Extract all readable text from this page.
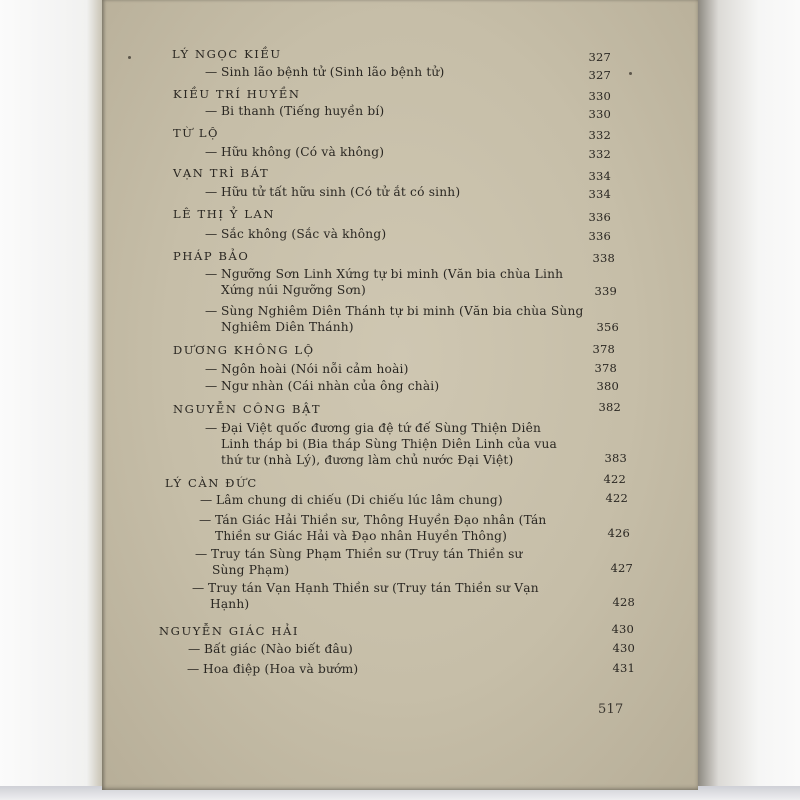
LÝ NGỌC KIỀU	327
— Sinh lão bệnh tử (Sinh lão bệnh tử)	327
KIỀU TRÍ HUYỀN	330
— Bi thanh (Tiếng huyền bí)	330
TỪ LỘ	332
— Hữu không (Có và không)	332
VẠN TRÌ BÁT	334
— Hữu tử tất hữu sinh (Có tử ắt có sinh)	334
LÊ THỊ Ỷ LAN	336
— Sắc không (Sắc và không)	336
PHÁP BẢO	338
— Ngưỡng Sơn Linh Xứng tự bi minh (Văn bia chùa Linh
Xứng núi Ngưỡng Sơn)	339
— Sùng Nghiêm Diên Thánh tự bi minh (Văn bia chùa Sùng
Nghiêm Diên Thánh)	356
DƯƠNG KHÔNG LỘ	378
— Ngôn hoài (Nói nỗi cảm hoài)	378
— Ngư nhàn (Cái nhàn của ông chài)	380
NGUYỄN CÔNG BẬT	382
— Đại Việt quốc đương gia đệ tứ đế Sùng Thiện Diên
Linh tháp bi (Bia tháp Sùng Thiện Diên Linh của vua
thứ tư (nhà Lý), đương làm chủ nước Đại Việt)	383
LÝ CÀN ĐỨC	422
— Lâm chung di chiếu (Di chiếu lúc lâm chung)	422
— Tán Giác Hải Thiền sư, Thông Huyền Đạo nhân (Tán
Thiền sư Giác Hải và Đạo nhân Huyền Thông)	426
— Truy tán Sùng Phạm Thiền sư (Truy tán Thiền sư
Sùng Phạm)	427
— Truy tán Vạn Hạnh Thiền sư (Truy tán Thiền sư Vạn
Hạnh)	428
NGUYỄN GIÁC HẢI	430
— Bất giác (Nào biết đâu)	430
— Hoa điệp (Hoa và bướm)	431
517
